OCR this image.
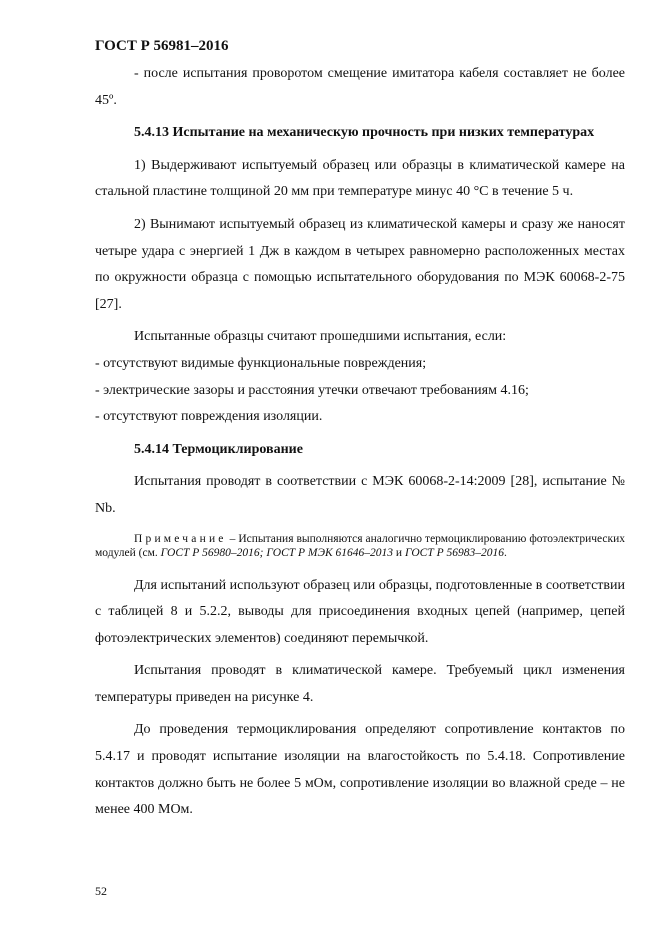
ГОСТ Р 56981–2016

- после испытания проворотом смещение имитатора кабеля составляет не более 45º.

5.4.13 Испытание на механическую прочность при низких температурах

1) Выдерживают испытуемый образец или образцы в климатической камере на стальной пластине толщиной 20 мм при температуре минус 40 °С в течение 5 ч.

2) Вынимают испытуемый образец из климатической камеры и сразу же наносят четыре удара с энергией 1 Дж в каждом в четырех равномерно расположенных местах по окружности образца с помощью испытательного оборудования по МЭК 60068-2-75 [27].

Испытанные образцы считают прошедшими испытания, если:

- отсутствуют видимые функциональные повреждения;

- электрические зазоры и расстояния утечки отвечают требованиям 4.16;

- отсутствуют повреждения изоляции.

5.4.14 Термоциклирование

Испытания проводят в соответствии с МЭК 60068-2-14:2009 [28], испытание № Nb.

Примечание – Испытания выполняются аналогично термоциклированию фотоэлектрических модулей (см. ГОСТ Р 56980–2016; ГОСТ Р МЭК 61646–2013 и ГОСТ Р 56983–2016.

Для испытаний используют образец или образцы, подготовленные в соответствии с таблицей 8 и 5.2.2, выводы для присоединения входных цепей (например, цепей фотоэлектрических элементов) соединяют перемычкой.

Испытания проводят в климатической камере. Требуемый цикл изменения температуры приведен на рисунке 4.

До проведения термоциклирования определяют сопротивление контактов по 5.4.17 и проводят испытание изоляции на влагостойкость по 5.4.18. Сопротивление контактов должно быть не более 5 мОм, сопротивление изоляции во влажной среде – не менее 400 МОм.

52
